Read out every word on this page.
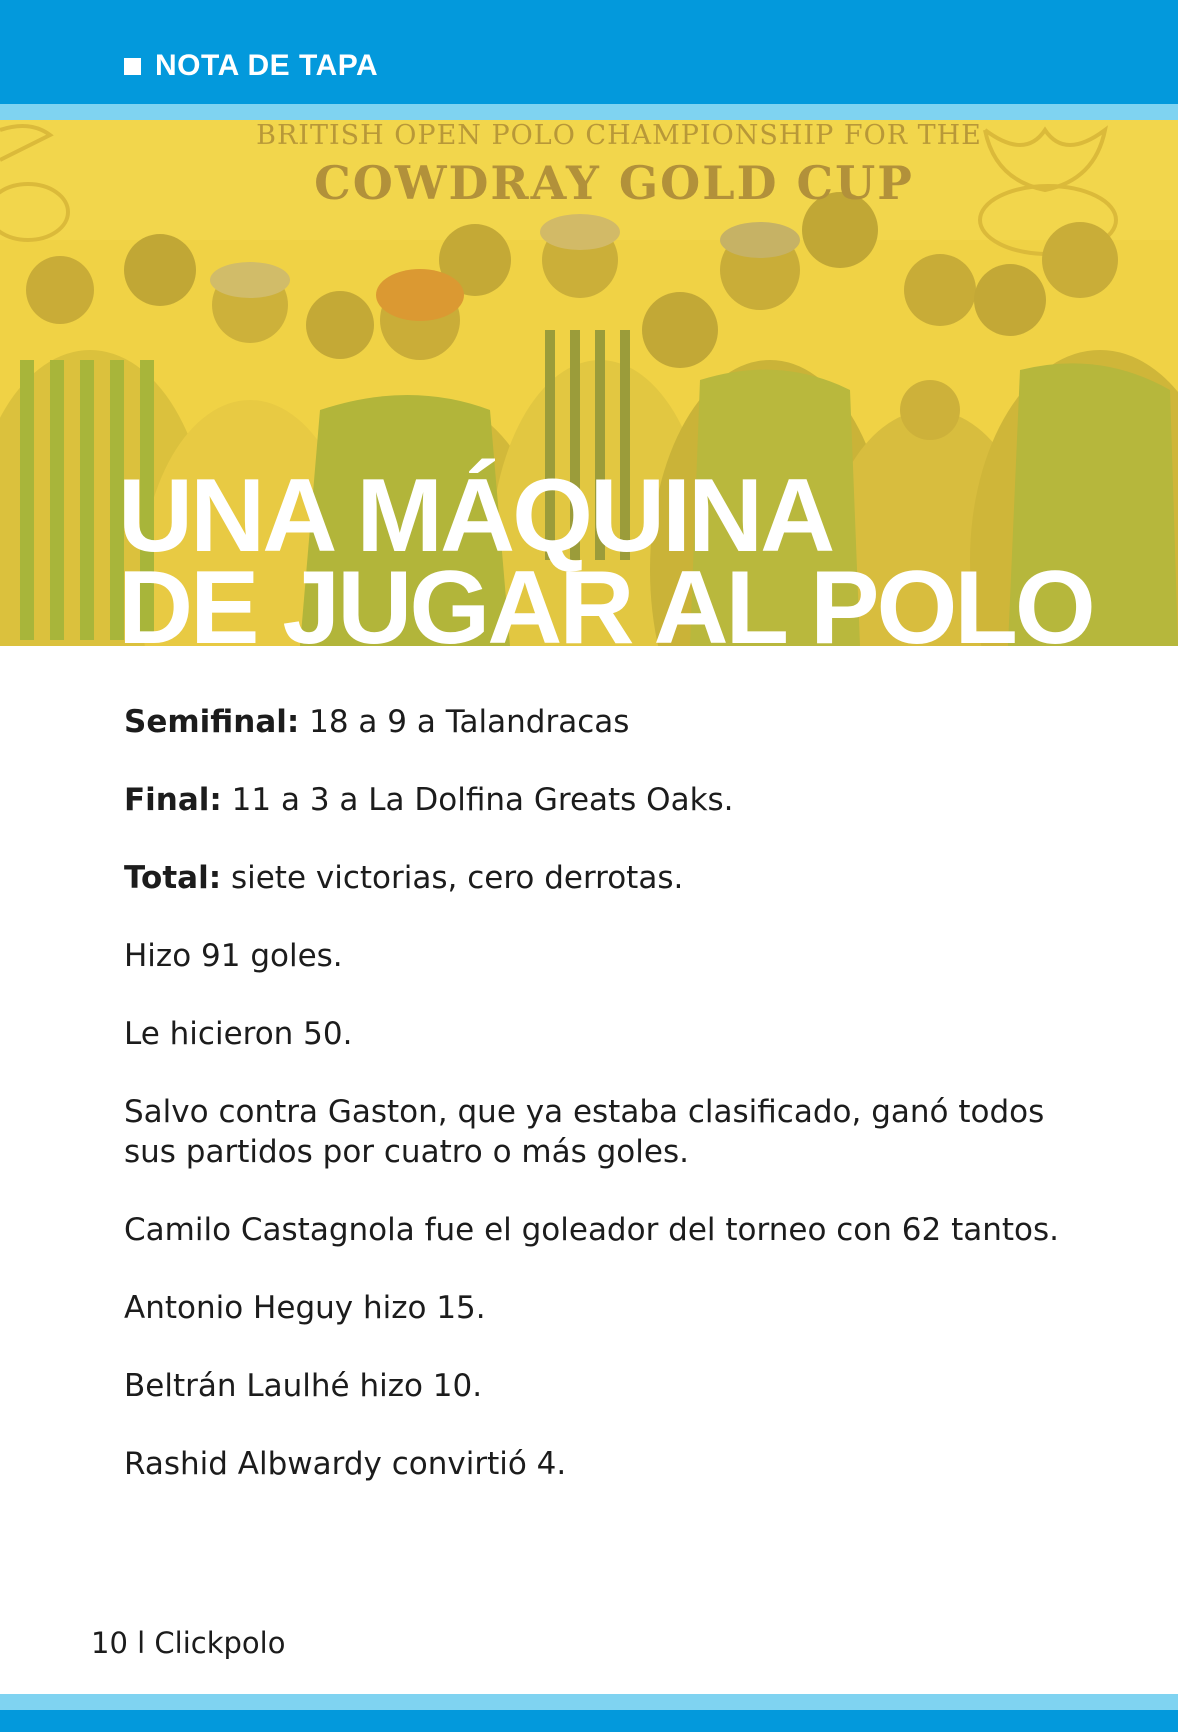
NOTA DE TAPA
BRITISH OPEN POLO CHAMPIONSHIP FOR THE
COWDRAY GOLD CUP
UNA MÁQUINA
DE JUGAR AL POLO

Semifinal: 18 a 9 a Talandracas

Final: 11 a 3 a La Dolfina Greats Oaks.

Total: siete victorias, cero derrotas.

Hizo 91 goles.

Le hicieron 50.

Salvo contra Gaston, que ya estaba clasificado, ganó todos sus partidos por cuatro o más goles.

Camilo Castagnola fue el goleador del torneo con 62 tantos.

Antonio Heguy hizo 15.

Beltrán Laulhé hizo 10.

Rashid Albwardy convirtió 4.

10 l Clickpolo
